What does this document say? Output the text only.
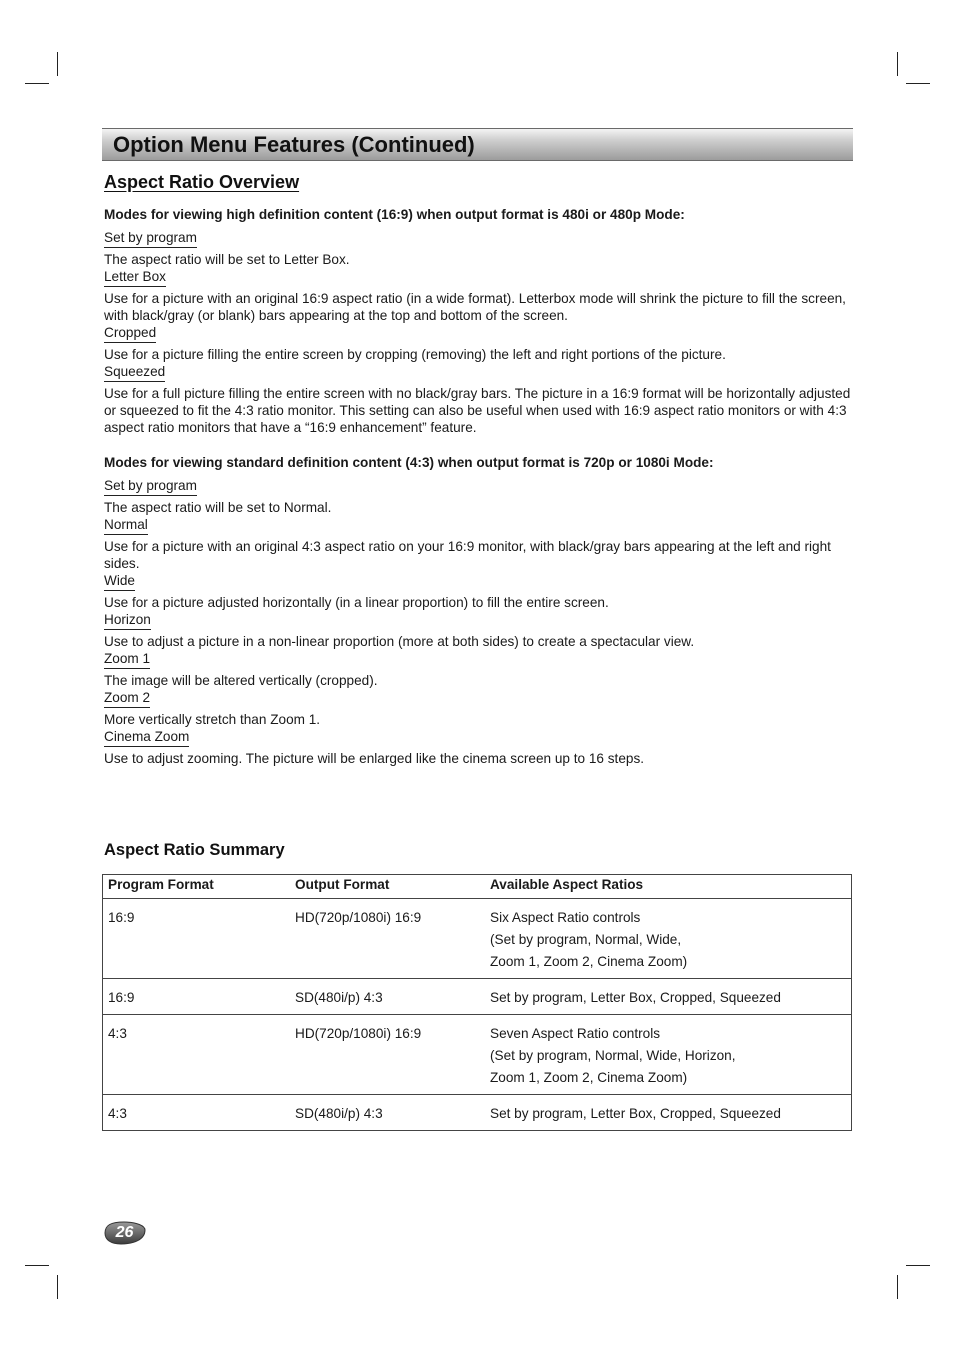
Option Menu Features (Continued)
Aspect Ratio Overview

Modes for viewing high definition content (16:9) when output format is 480i or 480p Mode:

Set by program

The aspect ratio will be set to Letter Box.

Letter Box

Use for a picture with an original 16:9 aspect ratio (in a wide format). Letterbox mode will shrink the picture to fill the screen, with black/gray (or blank) bars appearing at the top and bottom of the screen.

Cropped

Use for a picture filling the entire screen by cropping (removing) the left and right portions of the picture.

Squeezed

Use for a full picture filling the entire screen with no black/gray bars. The picture in a 16:9 format will be horizontally adjusted or squeezed to fit the 4:3 ratio monitor. This setting can also be useful when used with 16:9 aspect ratio monitors or with 4:3 aspect ratio monitors that have a “16:9 enhancement” feature.

Modes for viewing standard definition content (4:3) when output format is 720p or 1080i Mode:

Set by program

The aspect ratio will be set to Normal.

Normal

Use for a picture with an original 4:3 aspect ratio on your 16:9 monitor, with black/gray bars appearing at the left and right sides.

Wide

Use for a picture adjusted horizontally (in a linear proportion) to fill the entire screen.

Horizon

Use to adjust a picture in a non-linear proportion (more at both sides) to create a spectacular view.

Zoom 1

The image will be altered vertically (cropped).

Zoom 2

More vertically stretch than Zoom 1.

Cinema Zoom

Use to adjust zooming. The picture will be enlarged like the cinema screen up to 16 steps.

Aspect Ratio Summary
Program Format	Output Format	Available Aspect Ratios
16:9	HD(720p/1080i) 16:9	Six Aspect Ratio controls
(Set by program, Normal, Wide,
Zoom 1, Zoom 2, Cinema Zoom)

16:9	SD(480i/p) 4:3	Set by program, Letter Box, Cropped, Squeezed

4:3	HD(720p/1080i) 16:9	Seven Aspect Ratio controls
(Set by program, Normal, Wide, Horizon,
Zoom 1, Zoom 2, Cinema Zoom)

4:3	SD(480i/p) 4:3	Set by program, Letter Box, Cropped, Squeezed
26
